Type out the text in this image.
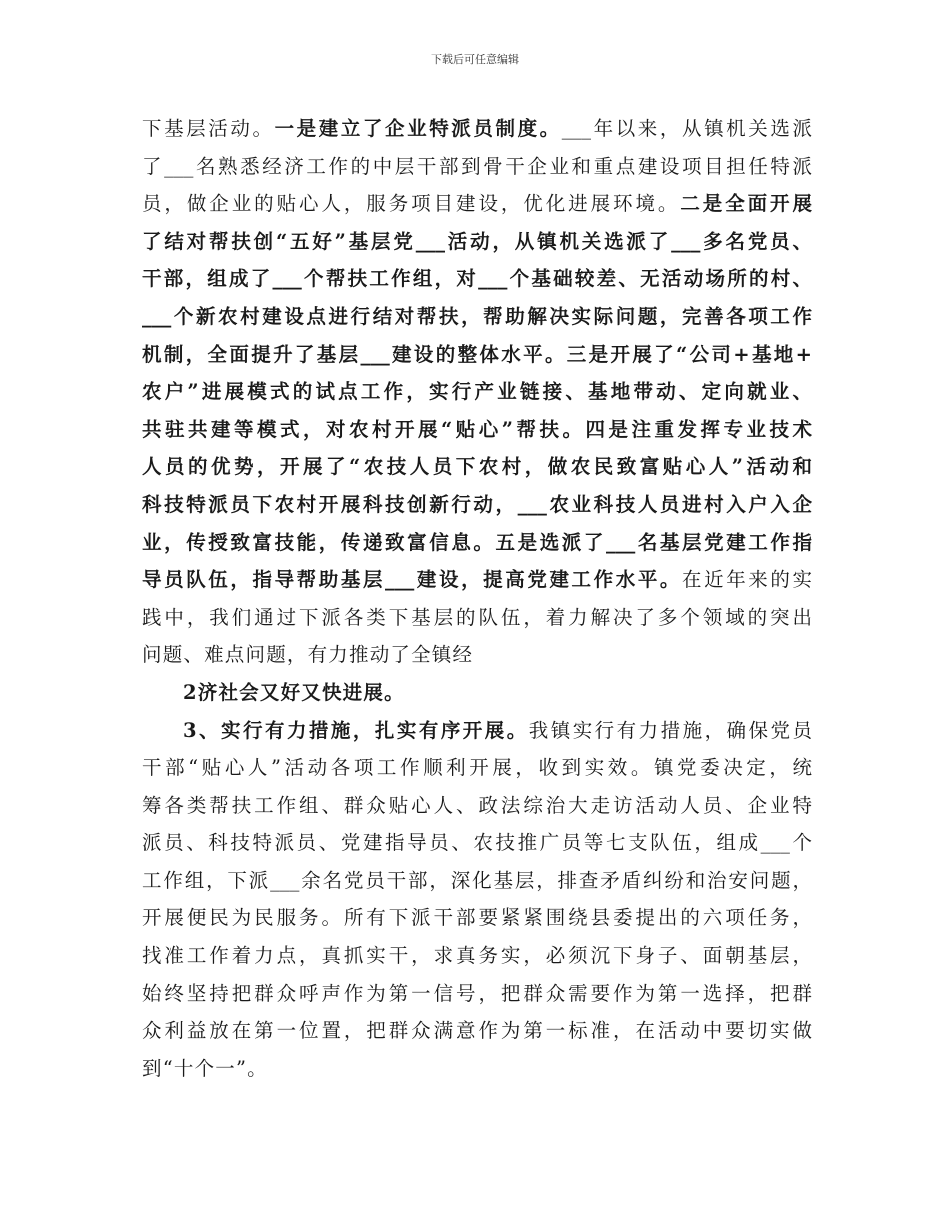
下载后可任意编辑
下基层活动。一是建立了企业特派员制度。___年以来，从镇机关选派
了___名熟悉经济工作的中层干部到骨干企业和重点建设项目担任特派
员，做企业的贴心人，服务项目建设，优化进展环境。二是全面开展
了结对帮扶创“五好”基层党___活动，从镇机关选派了___多名党员、
干部，组成了___个帮扶工作组，对___个基础较差、无活动场所的村、
___个新农村建设点进行结对帮扶，帮助解决实际问题，完善各项工作
机制，全面提升了基层___建设的整体水平。三是开展了“公司+基地+
农户”进展模式的试点工作，实行产业链接、基地带动、定向就业、
共驻共建等模式，对农村开展“贴心”帮扶。四是注重发挥专业技术
人员的优势，开展了“农技人员下农村，做农民致富贴心人”活动和
科技特派员下农村开展科技创新行动，___农业科技人员进村入户入企
业，传授致富技能，传递致富信息。五是选派了___名基层党建工作指
导员队伍，指导帮助基层___建设，提高党建工作水平。在近年来的实
践中，我们通过下派各类下基层的队伍，着力解决了多个领域的突出
问题、难点问题，有力推动了全镇经
2济社会又好又快进展。
3、实行有力措施，扎实有序开展。我镇实行有力措施，确保党员
干部“贴心人”活动各项工作顺利开展，收到实效。镇党委决定，统
筹各类帮扶工作组、群众贴心人、政法综治大走访活动人员、企业特
派员、科技特派员、党建指导员、农技推广员等七支队伍，组成___个
工作组，下派___余名党员干部，深化基层，排查矛盾纠纷和治安问题，
开展便民为民服务。所有下派干部要紧紧围绕县委提出的六项任务，
找准工作着力点，真抓实干，求真务实，必须沉下身子、面朝基层，
始终坚持把群众呼声作为第一信号，把群众需要作为第一选择，把群
众利益放在第一位置，把群众满意作为第一标准，在活动中要切实做
到“十个一”。
